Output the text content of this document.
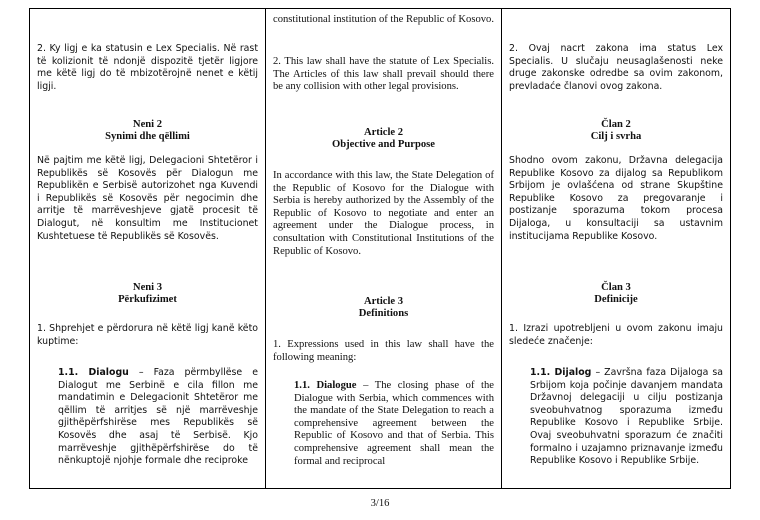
2. Ky ligj e ka statusin e Lex Specialis. Në rast të kolizionit të ndonjë dispozitë tjetër ligjore me këtë ligj do të mbizotërojnë nenet e këtij ligji.

Neni 2

Synimi dhe qëllimi

Në pajtim me këtë ligj, Delegacioni Shtetëror i Republikës së Kosovës për Dialogun me Republikën e Serbisë autorizohet nga Kuvendi i Republikës së Kosovës për negocimin dhe arritje të marrëveshjeve gjatë procesit të Dialogut, në konsultim me Institucionet Kushtetuese të Republikës së Kosovës.

Neni 3

Përkufizimet

1. Shprehjet e përdorura në këtë ligj kanë këto kuptime:

1.1. Dialogu – Faza përmbyllëse e Dialogut me Serbinë e cila fillon me mandatimin e Delegacionit Shtetëror me qëllim të arritjes së një marrëveshje gjithëpërfshirëse mes Republikës së Kosovës dhe asaj të Serbisë. Kjo marrëveshje gjithëpërfshirëse do të nënkuptojë njohje formale dhe reciproke

constitutional institution of the Republic of Kosovo.

2. This law shall have the statute of Lex Specialis. The Articles of this law shall prevail should there be any collision with other legal provisions.

Article 2

Objective and Purpose

In accordance with this law, the State Delegation of the Republic of Kosovo for the Dialogue with Serbia is hereby authorized by the Assembly of the Republic of Kosovo to negotiate and enter an agreement under the Dialogue process, in consultation with Constitutional Institutions of the Republic of Kosovo.

Article 3

Definitions

1. Expressions used in this law shall have the following meaning:

1.1. Dialogue – The closing phase of the Dialogue with Serbia, which commences with the mandate of the State Delegation to reach a comprehensive agreement between the Republic of Kosovo and that of Serbia. This comprehensive agreement shall mean the formal and reciprocal

2. Ovaj nacrt zakona ima status Lex Specialis. U slučaju neusaglašenosti neke druge zakonske odredbe sa ovim zakonom, prevladaće članovi ovog zakona.

Član 2

Cilj i svrha

Shodno ovom zakonu, Državna delegacija Republike Kosovo za dijalog sa Republikom Srbijom je ovlašćena od strane Skupštine Republike Kosovo za pregovaranje i postizanje sporazuma tokom procesa Dijaloga, u konsultaciji sa ustavnim institucijama Republike Kosovo.

Član 3

Definicije

1. Izrazi upotrebljeni u ovom zakonu imaju sledeće značenje:

1.1. Dijalog – Završna faza Dijaloga sa Srbijom koja počinje davanjem mandata Državnoj delegaciji u cilju postizanja sveobuhvatnog sporazuma između Republike Kosovo i Republike Srbije. Ovaj sveobuhvatni sporazum će značiti formalno i uzajamno priznavanje između Republike Kosovo i Republike Srbije.

3/16
